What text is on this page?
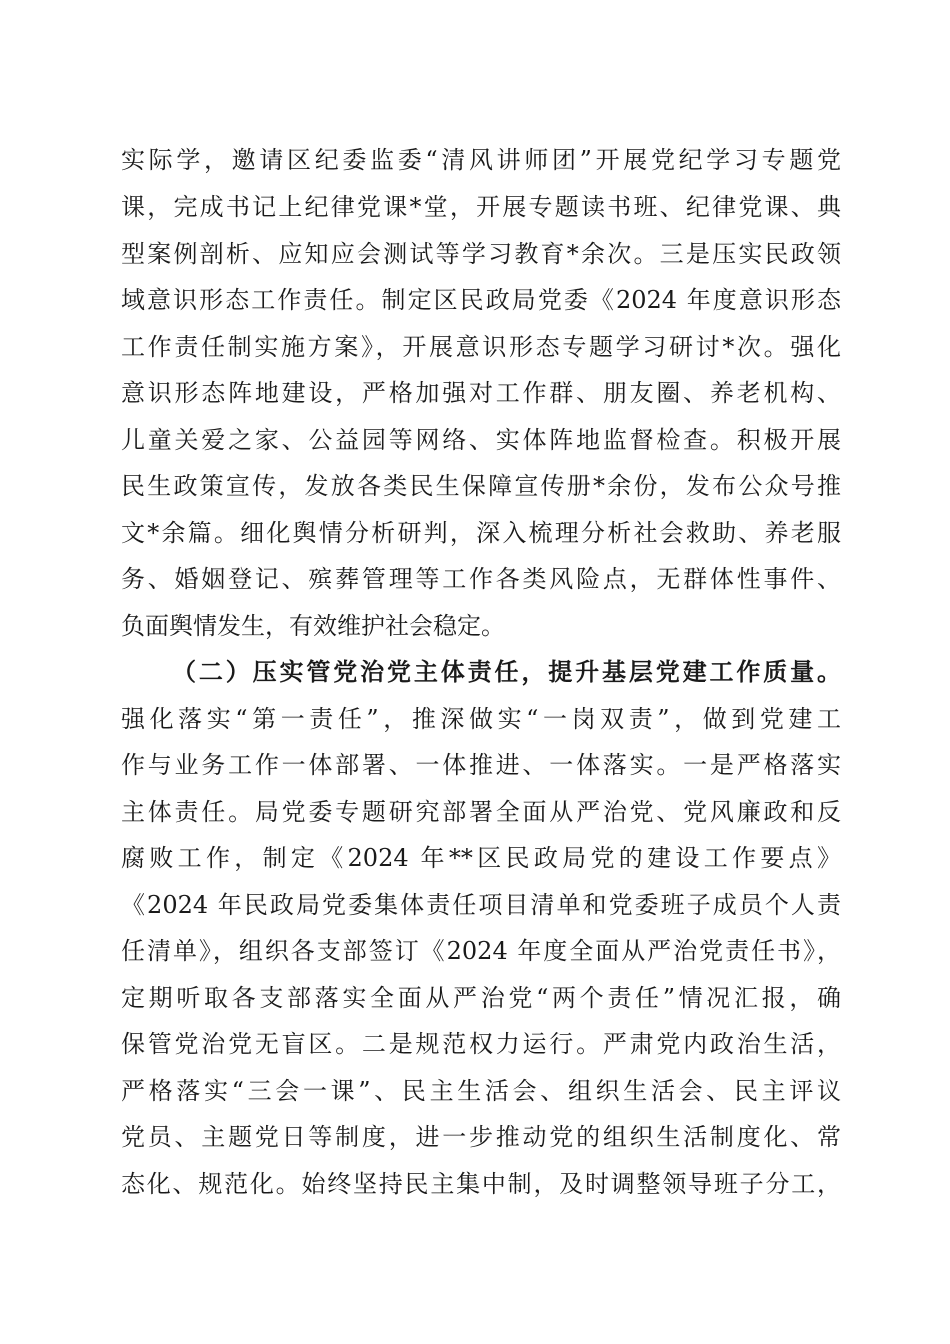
实际学，邀请区纪委监委“清风讲师团”开展党纪学习专题党
课，完成书记上纪律党课*堂，开展专题读书班、纪律党课、典
型案例剖析、应知应会测试等学习教育*余次。三是压实民政领
域意识形态工作责任。制定区民政局党委《2024 年度意识形态
工作责任制实施方案》，开展意识形态专题学习研讨*次。强化
意识形态阵地建设，严格加强对工作群、朋友圈、养老机构、
儿童关爱之家、公益园等网络、实体阵地监督检查。积极开展
民生政策宣传，发放各类民生保障宣传册*余份，发布公众号推
文*余篇。细化舆情分析研判，深入梳理分析社会救助、养老服
务、婚姻登记、殡葬管理等工作各类风险点，无群体性事件、
负面舆情发生，有效维护社会稳定。
（二）压实管党治党主体责任，提升基层党建工作质量。
强化落实“第一责任”，推深做实“一岗双责”，做到党建工
作与业务工作一体部署、一体推进、一体落实。一是严格落实
主体责任。局党委专题研究部署全面从严治党、党风廉政和反
腐败工作，制定《2024 年**区民政局党的建设工作要点》
《2024 年民政局党委集体责任项目清单和党委班子成员个人责
任清单》，组织各支部签订《2024 年度全面从严治党责任书》，
定期听取各支部落实全面从严治党“两个责任”情况汇报，确
保管党治党无盲区。二是规范权力运行。严肃党内政治生活，
严格落实“三会一课”、民主生活会、组织生活会、民主评议
党员、主题党日等制度，进一步推动党的组织生活制度化、常
态化、规范化。始终坚持民主集中制，及时调整领导班子分工，
